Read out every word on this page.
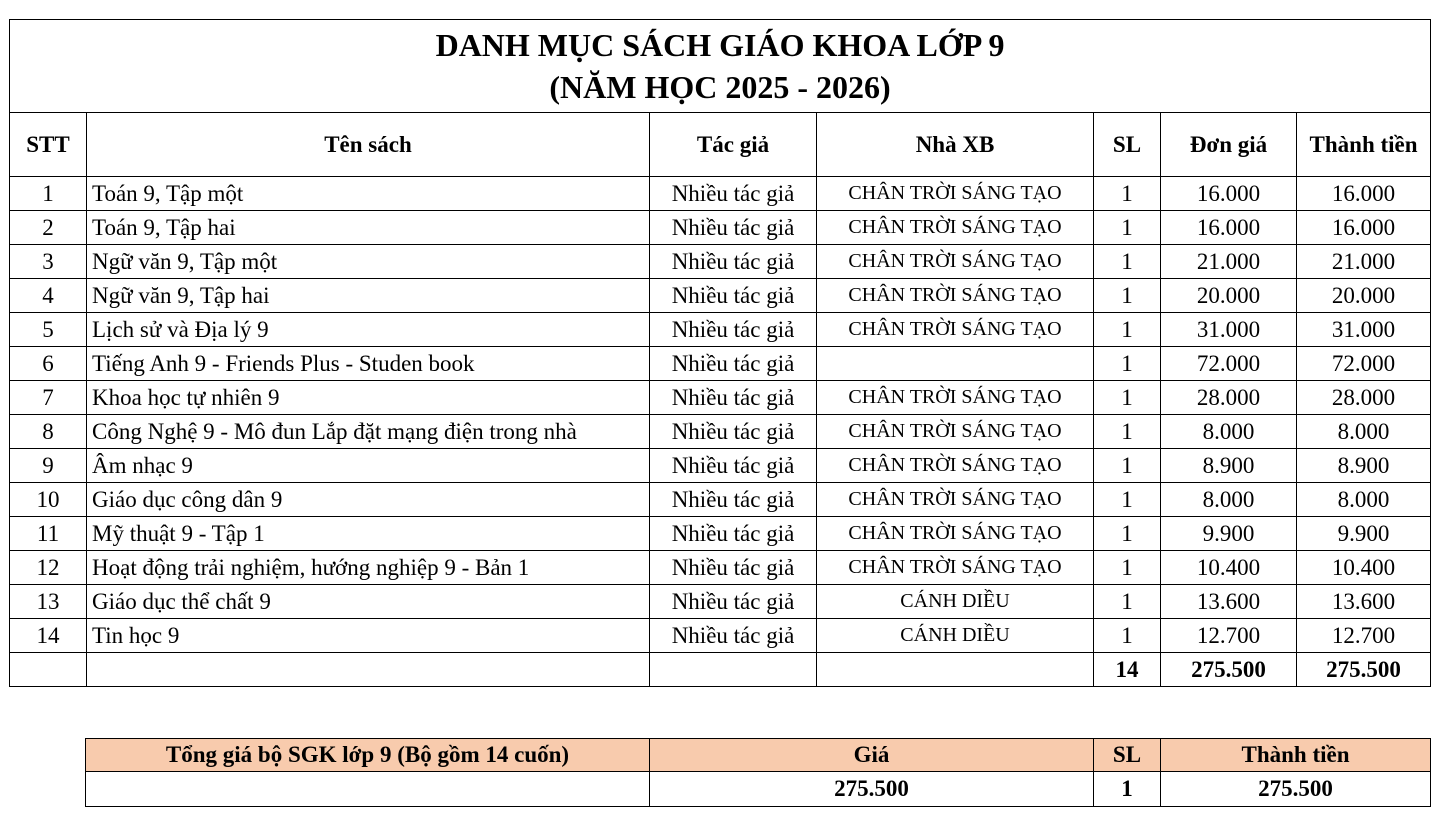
DANH MỤC SÁCH GIÁO KHOA LỚP 9
(NĂM HỌC 2025 - 2026)						

STT	Tên sách	Tác giả	Nhà XB	SL	Đơn giá	Thành tiền
1	Toán 9, Tập một	Nhiều tác giả	CHÂN TRỜI SÁNG TẠO	1	16.000	16.000
2	Toán 9, Tập hai	Nhiều tác giả	CHÂN TRỜI SÁNG TẠO	1	16.000	16.000
3	Ngữ văn 9, Tập một	Nhiều tác giả	CHÂN TRỜI SÁNG TẠO	1	21.000	21.000
4	Ngữ văn 9, Tập hai	Nhiều tác giả	CHÂN TRỜI SÁNG TẠO	1	20.000	20.000
5	Lịch sử và Địa lý 9	Nhiều tác giả	CHÂN TRỜI SÁNG TẠO	1	31.000	31.000
6	Tiếng Anh 9 - Friends Plus - Studen book	Nhiều tác giả		1	72.000	72.000
7	Khoa học tự nhiên 9	Nhiều tác giả	CHÂN TRỜI SÁNG TẠO	1	28.000	28.000
8	Công Nghệ 9 - Mô đun Lắp đặt mạng điện trong nhà	Nhiều tác giả	CHÂN TRỜI SÁNG TẠO	1	8.000	8.000
9	Âm nhạc 9	Nhiều tác giả	CHÂN TRỜI SÁNG TẠO	1	8.900	8.900
10	Giáo dục công dân 9	Nhiều tác giả	CHÂN TRỜI SÁNG TẠO	1	8.000	8.000
11	Mỹ thuật 9 - Tập 1	Nhiều tác giả	CHÂN TRỜI SÁNG TẠO	1	9.900	9.900
12	Hoạt động trải nghiệm, hướng nghiệp 9 - Bản 1	Nhiều tác giả	CHÂN TRỜI SÁNG TẠO	1	10.400	10.400
13	Giáo dục thể chất 9	Nhiều tác giả	CÁNH DIỀU	1	13.600	13.600
14	Tin học 9	Nhiều tác giả	CÁNH DIỀU	1	12.700	12.700
				14	275.500	275.500
Tổng giá bộ SGK lớp 9 (Bộ gồm 14 cuốn)	Giá	SL	Thành tiền
	275.500	1	275.500
